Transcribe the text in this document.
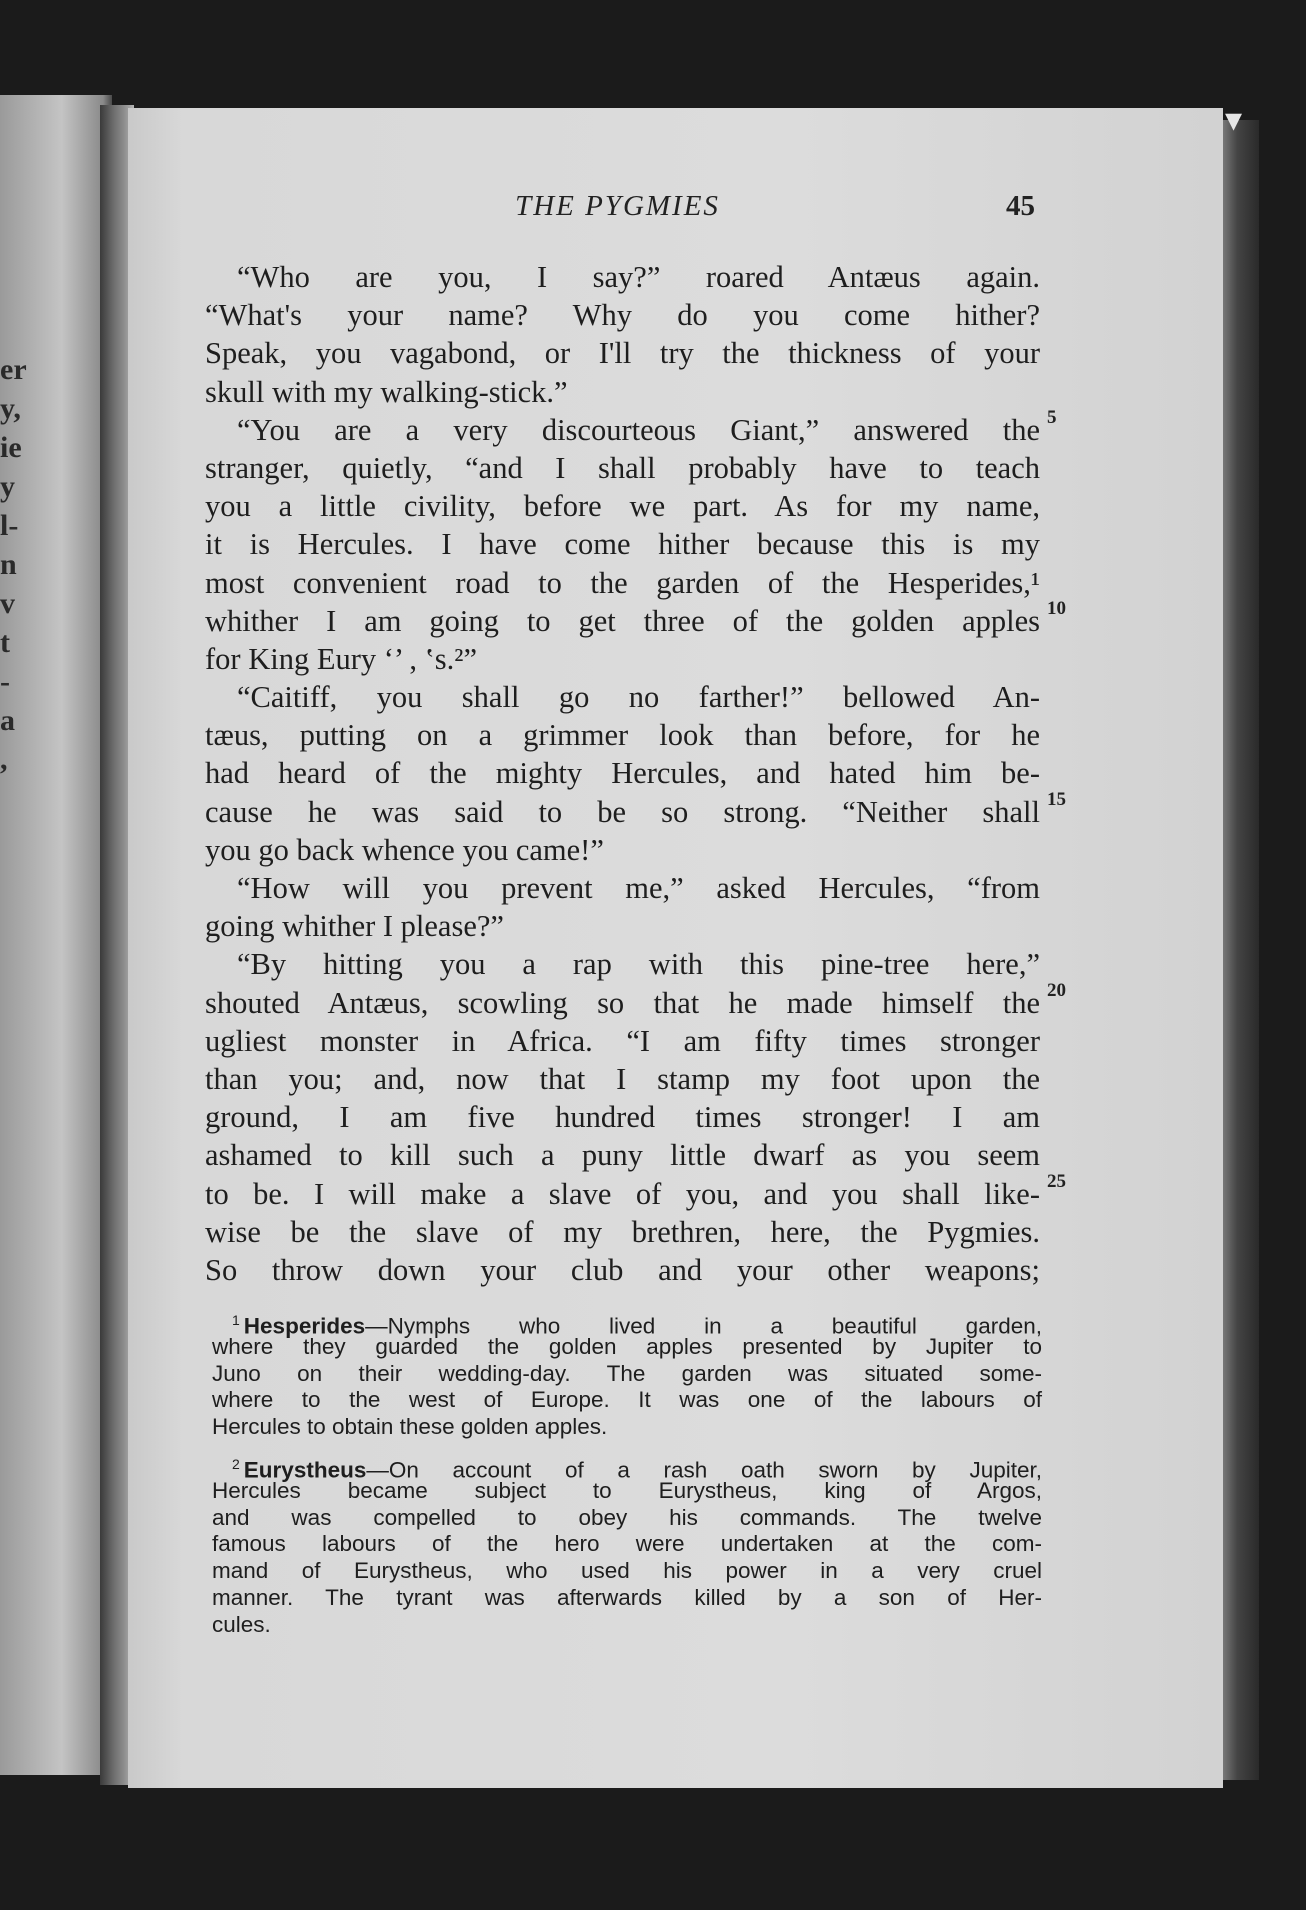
er
y,
ie
y
l-
n
v
t
-
a
,
▾
THE PYGMIES	45
“Who are you, I say?” roared Antæus again.
“What's your name? Why do you come hither?
Speak, you vagabond, or I'll try the thickness of your
skull with my walking-stick.”
“You are a very discourteous Giant,” answered the
stranger, quietly, “and I shall probably have to teach
you a little civility, before we part. As for my name,
it is Hercules. I have come hither because this is my
most convenient road to the garden of the Hesperides,¹
whither I am going to get three of the golden apples
for King Eury ‘’ , ‛s.²”
“Caitiff, you shall go no farther!” bellowed An-
tæus, putting on a grimmer look than before, for he
had heard of the mighty Hercules, and hated him be-
cause he was said to be so strong. “Neither shall
you go back whence you came!”
“How will you prevent me,” asked Hercules, “from
going whither I please?”
“By hitting you a rap with this pine-tree here,”
shouted Antæus, scowling so that he made himself the
ugliest monster in Africa. “I am fifty times stronger
than you; and, now that I stamp my foot upon the
ground, I am five hundred times stronger! I am
ashamed to kill such a puny little dwarf as you seem
to be. I will make a slave of you, and you shall like-
wise be the slave of my brethren, here, the Pygmies.
So throw down your club and your other weapons;
5
10
15
20
25
$^1$ Hesperides—Nymphs who lived in a beautiful garden,
where they guarded the golden apples presented by Jupiter to
Juno on their wedding-day. The garden was situated some-
where to the west of Europe. It was one of the labours of
Hercules to obtain these golden apples.
$^2$ Eurystheus—On account of a rash oath sworn by Jupiter,
Hercules became subject to Eurystheus, king of Argos,
and was compelled to obey his commands. The twelve
famous labours of the hero were undertaken at the com-
mand of Eurystheus, who used his power in a very cruel
manner. The tyrant was afterwards killed by a son of Her-
cules.
